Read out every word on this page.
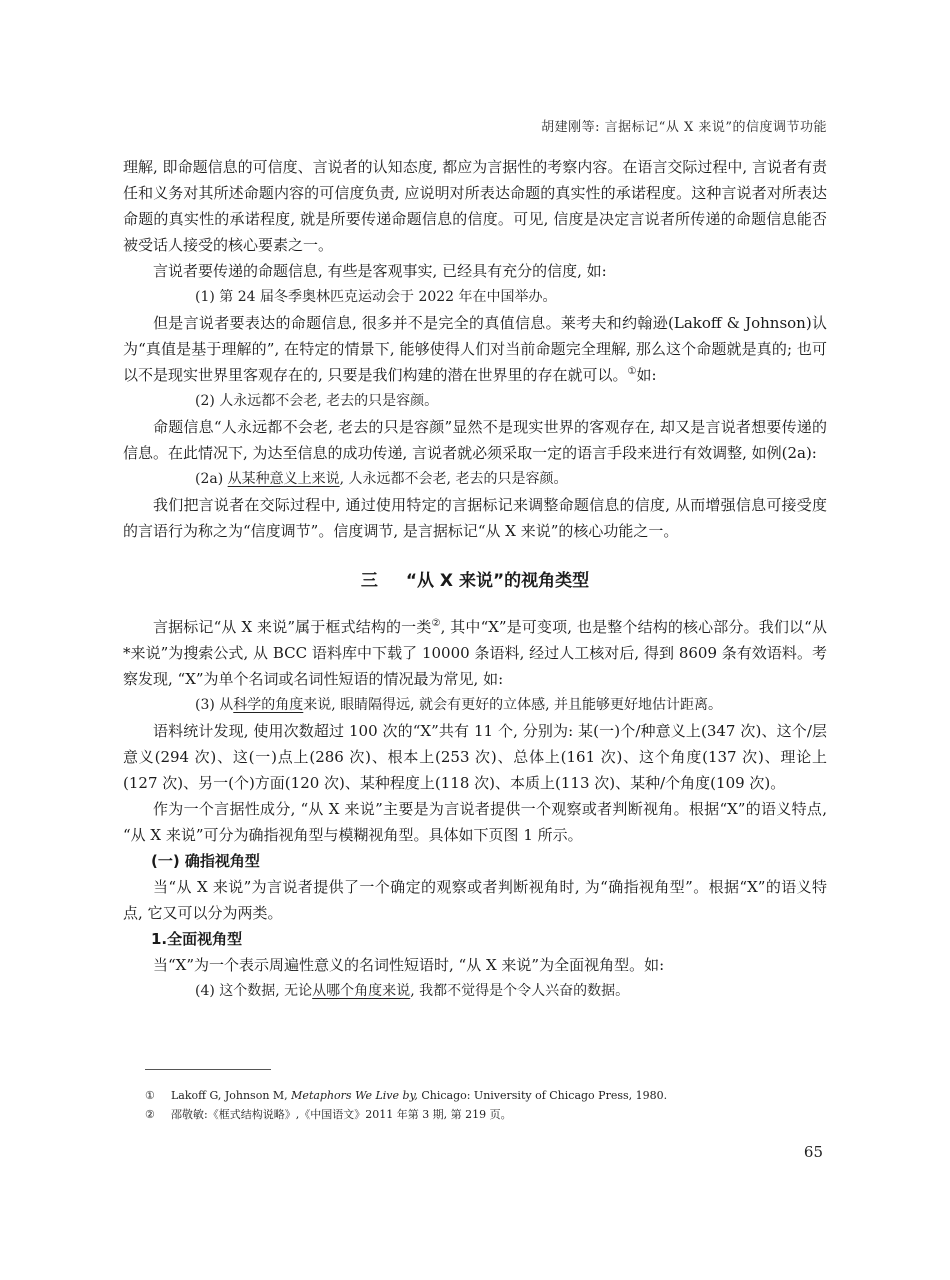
胡建刚等: 言据标记“从 X 来说”的信度调节功能

理解, 即命题信息的可信度、言说者的认知态度, 都应为言据性的考察内容。在语言交际过程中, 言说者有责任和义务对其所述命题内容的可信度负责, 应说明对所表达命题的真实性的承诺程度。这种言说者对所表达命题的真实性的承诺程度, 就是所要传递命题信息的信度。可见, 信度是决定言说者所传递的命题信息能否被受话人接受的核心要素之一。

言说者要传递的命题信息, 有些是客观事实, 已经具有充分的信度, 如:

(1) 第 24 届冬季奥林匹克运动会于 2022 年在中国举办。

但是言说者要表达的命题信息, 很多并不是完全的真值信息。莱考夫和约翰逊(Lakoff & Johnson)认为“真值是基于理解的”, 在特定的情景下, 能够使得人们对当前命题完全理解, 那么这个命题就是真的; 也可以不是现实世界里客观存在的, 只要是我们构建的潜在世界里的存在就可以。①如:

(2) 人永远都不会老, 老去的只是容颜。

命题信息“人永远都不会老, 老去的只是容颜”显然不是现实世界的客观存在, 却又是言说者想要传递的信息。在此情况下, 为达至信息的成功传递, 言说者就必须采取一定的语言手段来进行有效调整, 如例(2a):

(2a) 从某种意义上来说, 人永远都不会老, 老去的只是容颜。

我们把言说者在交际过程中, 通过使用特定的言据标记来调整命题信息的信度, 从而增强信息可接受度的言语行为称之为“信度调节”。信度调节, 是言据标记“从 X 来说”的核心功能之一。

三 “从 X 来说”的视角类型

言据标记“从 X 来说”属于框式结构的一类②, 其中“X”是可变项, 也是整个结构的核心部分。我们以“从*来说”为搜索公式, 从 BCC 语料库中下载了 10000 条语料, 经过人工核对后, 得到 8609 条有效语料。考察发现, “X”为单个名词或名词性短语的情况最为常见, 如:

(3) 从科学的角度来说, 眼睛隔得远, 就会有更好的立体感, 并且能够更好地估计距离。

语料统计发现, 使用次数超过 100 次的“X”共有 11 个, 分别为: 某(一)个/种意义上(347 次)、这个/层意义(294 次)、这(一)点上(286 次)、根本上(253 次)、总体上(161 次)、这个角度(137 次)、理论上(127 次)、另一(个)方面(120 次)、某种程度上(118 次)、本质上(113 次)、某种/个角度(109 次)。

作为一个言据性成分, “从 X 来说”主要是为言说者提供一个观察或者判断视角。根据“X”的语义特点, “从 X 来说”可分为确指视角型与模糊视角型。具体如下页图 1 所示。

(一) 确指视角型

当“从 X 来说”为言说者提供了一个确定的观察或者判断视角时, 为“确指视角型”。根据“X”的语义特点, 它又可以分为两类。

1.全面视角型

当“X”为一个表示周遍性意义的名词性短语时, “从 X 来说”为全面视角型。如:

(4) 这个数据, 无论从哪个角度来说, 我都不觉得是个令人兴奋的数据。

①	Lakoff G, Johnson M, Metaphors We Live by, Chicago: University of Chicago Press, 1980.
②	邵敬敏:《框式结构说略》,《中国语文》2011 年第 3 期, 第 219 页。
65
